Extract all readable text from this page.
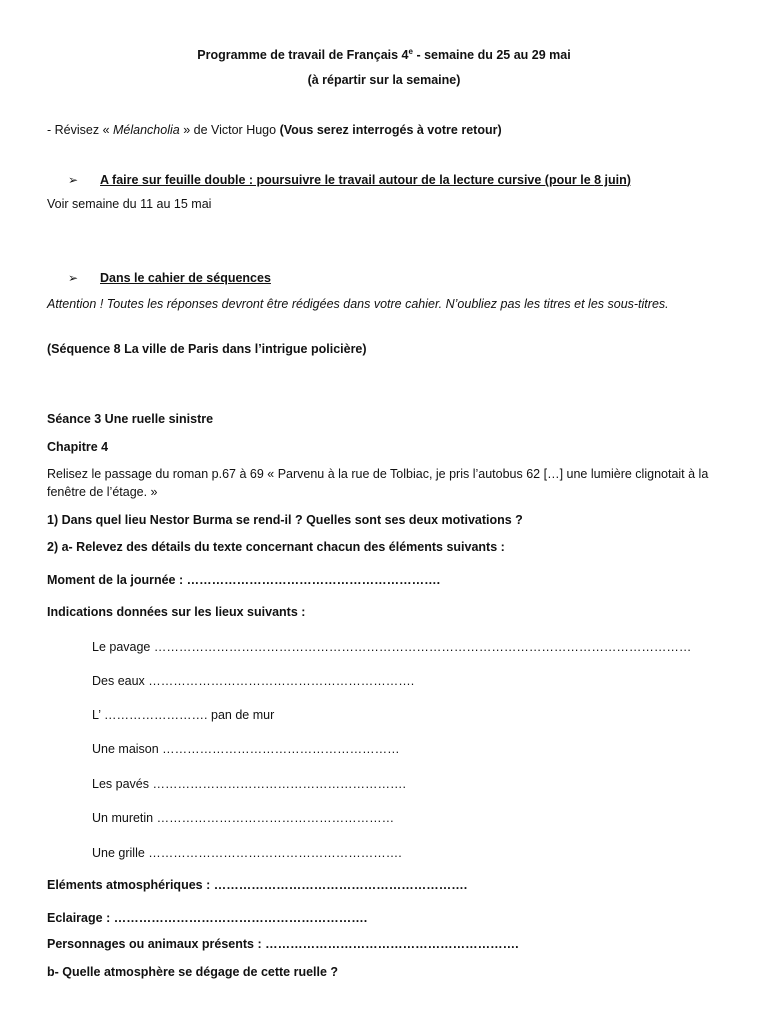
Programme de travail de Français 4e - semaine du 25 au 29 mai
(à répartir sur la semaine)
- Révisez « Mélancholia » de Victor Hugo (Vous serez interrogés à votre retour)
➢ A faire sur feuille double : poursuivre le travail autour de la lecture cursive (pour le 8 juin)
Voir semaine du 11 au 15 mai
➢ Dans le cahier de séquences
Attention ! Toutes les réponses devront être rédigées dans votre cahier. N’oubliez pas les titres et les sous-titres.
(Séquence 8 La ville de Paris dans l’intrigue policière)
Séance 3 Une ruelle sinistre
Chapitre 4
Relisez le passage du roman p.67 à 69 « Parvenu à la rue de Tolbiac, je pris l’autobus 62 […] une lumière clignotait à la fenêtre de l’étage. »
1) Dans quel lieu Nestor Burma se rend-il ? Quelles sont ses deux motivations ?
2) a- Relevez des détails du texte concernant chacun des éléments suivants :
Moment de la journée : …………………………………………………….
Indications données sur les lieux suivants :
Le pavage …………………………………………………………………………………………………………………
Des eaux ……………………………………………………….
L’ ……………………. pan de mur
Une maison …………………………………………………
Les pavés …………………………………………………….
Un muretin …………………………………………………
Une grille …………………………………………………….
Eléments atmosphériques : …………………………………………………….
Eclairage : …………………………………………………….
Personnages ou animaux présents : …………………………………………………….
b- Quelle atmosphère se dégage de cette ruelle ?
